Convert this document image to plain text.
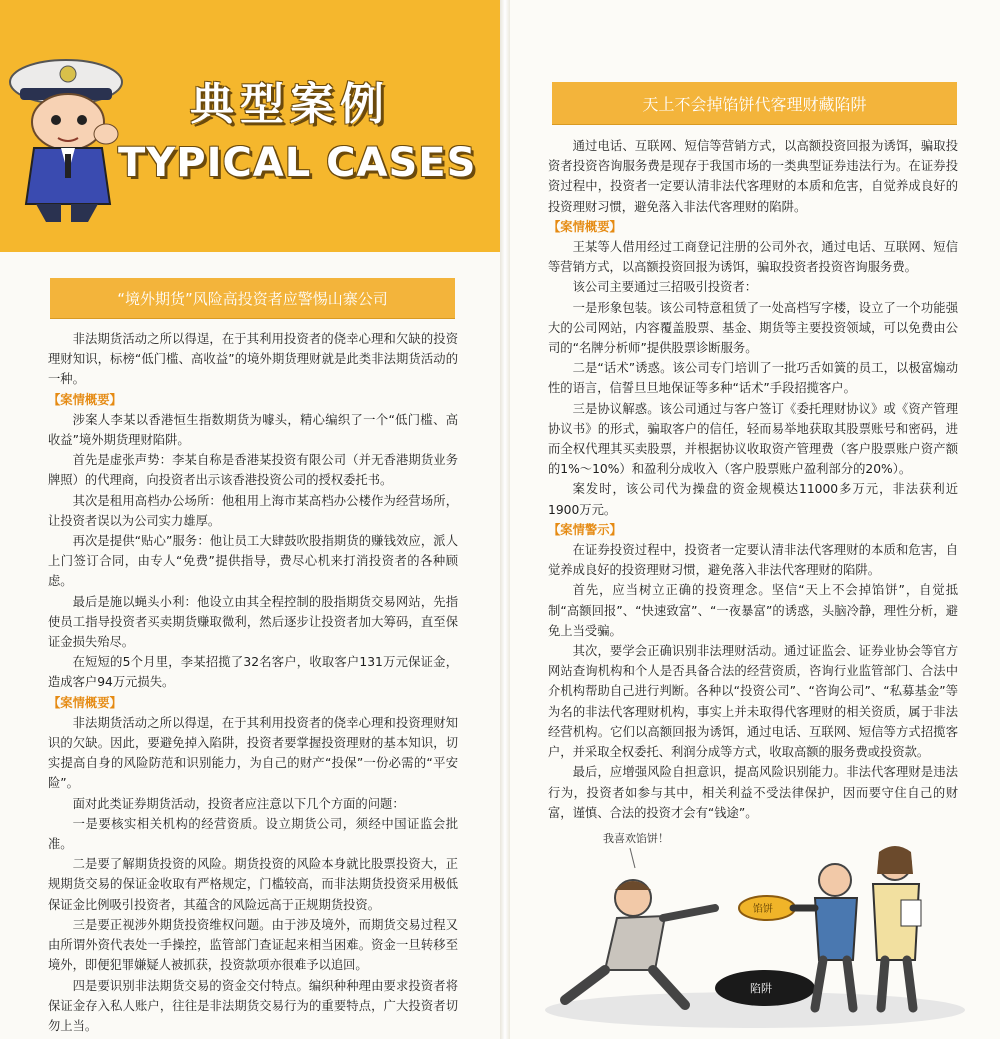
典型案例
TYPICAL CASES
“境外期货”风险高投资者应警惕山寨公司

非法期货活动之所以得逞，在于其利用投资者的侥幸心理和欠缺的投资理财知识，标榜“低门槛、高收益”的境外期货理财就是此类非法期货活动的一种。

【案情概要】

涉案人李某以香港恒生指数期货为噱头，精心编织了一个“低门槛、高收益”境外期货理财陷阱。

首先是虚张声势：李某自称是香港某投资有限公司（并无香港期货业务牌照）的代理商，向投资者出示该香港投资公司的授权委托书。

其次是租用高档办公场所：他租用上海市某高档办公楼作为经营场所，让投资者误以为公司实力雄厚。

再次是提供“贴心”服务：他让员工大肆鼓吹股指期货的赚钱效应，派人上门签订合同，由专人“免费”提供指导，费尽心机来打消投资者的各种顾虑。

最后是施以蝇头小利：他设立由其全程控制的股指期货交易网站，先指使员工指导投资者买卖期货赚取微利，然后逐步让投资者加大筹码，直至保证金损失殆尽。

在短短的5个月里，李某招揽了32名客户，收取客户131万元保证金，造成客户94万元损失。

【案情概要】

非法期货活动之所以得逞，在于其利用投资者的侥幸心理和投资理财知识的欠缺。因此，要避免掉入陷阱，投资者要掌握投资理财的基本知识，切实提高自身的风险防范和识别能力，为自己的财产“投保”一份必需的“平安险”。

面对此类证券期货活动，投资者应注意以下几个方面的问题：

一是要核实相关机构的经营资质。设立期货公司，须经中国证监会批准。

二是要了解期货投资的风险。期货投资的风险本身就比股票投资大，正规期货交易的保证金收取有严格规定，门槛较高，而非法期货投资采用极低保证金比例吸引投资者，其蕴含的风险远高于正规期货投资。

三是要正视涉外期货投资维权问题。由于涉及境外，而期货交易过程又由所谓外资代表处一手操控，监管部门查证起来相当困难。资金一旦转移至境外，即便犯罪嫌疑人被抓获，投资款项亦很难予以追回。

四是要识别非法期货交易的资金交付特点。编织种种理由要求投资者将保证金存入私人账户，往往是非法期货交易行为的重要特点，广大投资者切勿上当。

天上不会掉馅饼代客理财藏陷阱

通过电话、互联网、短信等营销方式，以高额投资回报为诱饵，骗取投资者投资咨询服务费是现存于我国市场的一类典型证券违法行为。在证券投资过程中，投资者一定要认清非法代客理财的本质和危害，自觉养成良好的投资理财习惯，避免落入非法代客理财的陷阱。

【案情概要】

王某等人借用经过工商登记注册的公司外衣，通过电话、互联网、短信等营销方式，以高额投资回报为诱饵，骗取投资者投资咨询服务费。

该公司主要通过三招吸引投资者：

一是形象包装。该公司特意租赁了一处高档写字楼，设立了一个功能强大的公司网站，内容覆盖股票、基金、期货等主要投资领域，可以免费由公司的“名牌分析师”提供股票诊断服务。

二是“话术”诱惑。该公司专门培训了一批巧舌如簧的员工，以极富煽动性的语言，信誓旦旦地保证等多种“话术”手段招揽客户。

三是协议解惑。该公司通过与客户签订《委托理财协议》或《资产管理协议书》的形式，骗取客户的信任，轻而易举地获取其股票账号和密码，进而全权代理其买卖股票，并根据协议收取资产管理费（客户股票账户资产额的1%～10%）和盈利分成收入（客户股票账户盈利部分的20%）。

案发时，该公司代为操盘的资金规模达11000多万元，非法获利近1900万元。

【案情警示】

在证券投资过程中，投资者一定要认清非法代客理财的本质和危害，自觉养成良好的投资理财习惯，避免落入非法代客理财的陷阱。

首先，应当树立正确的投资理念。坚信“天上不会掉馅饼”，自觉抵制“高额回报”、“快速致富”、“一夜暴富”的诱惑，头脑冷静，理性分析，避免上当受骗。

其次，要学会正确识别非法理财活动。通过证监会、证券业协会等官方网站查询机构和个人是否具备合法的经营资质，咨询行业监管部门、合法中介机构帮助自己进行判断。各种以“投资公司”、“咨询公司”、“私募基金”等为名的非法代客理财机构，事实上并未取得代客理财的相关资质，属于非法经营机构。它们以高额回报为诱饵，通过电话、互联网、短信等方式招揽客户，并采取全权委托、利润分成等方式，收取高额的服务费或投资款。

最后，应增强风险自担意识，提高风险识别能力。非法代客理财是违法行为，投资者如参与其中，相关利益不受法律保护，因而要守住自己的财富，谨慎、合法的投资才会有“钱途”。

我喜欢馅饼！
陷阱
馅饼
